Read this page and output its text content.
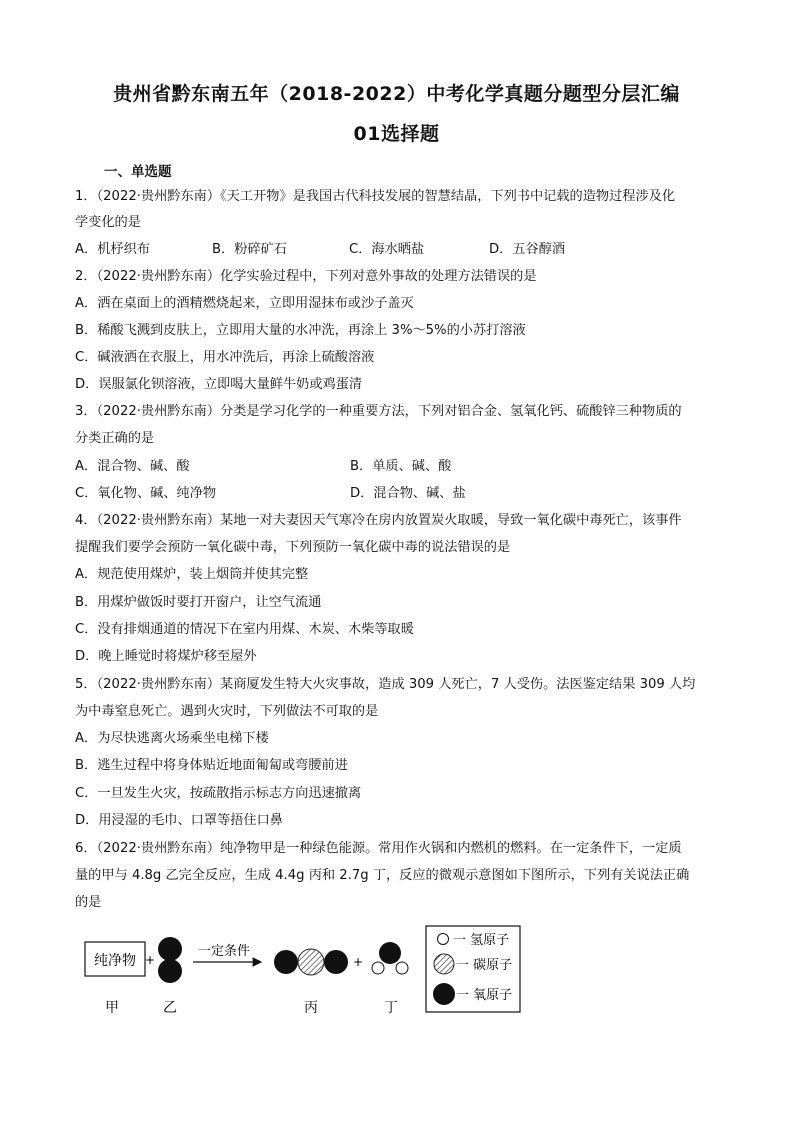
贵州省黔东南五年（2018-2022）中考化学真题分题型分层汇编
01选择题
一、单选题
1．（2022·贵州黔东南）《天工开物》是我国古代科技发展的智慧结晶，下列书中记载的造物过程涉及化
学变化的是
A．机杼织布	B．粉碎矿石	C．海水晒盐	D．五谷醇酒
2．（2022·贵州黔东南）化学实验过程中，下列对意外事故的处理方法错误的是
A．洒在桌面上的酒精燃烧起来，立即用湿抹布或沙子盖灭
B．稀酸飞溅到皮肤上，立即用大量的水冲洗，再涂上 3%～5%的小苏打溶液
C．碱液洒在衣服上，用水冲洗后，再涂上硫酸溶液
D．误服氯化钡溶液，立即喝大量鲜牛奶或鸡蛋清
3．（2022·贵州黔东南）分类是学习化学的一种重要方法，下列对铝合金、氢氧化钙、硫酸锌三种物质的
分类正确的是
A．混合物、碱、酸	B．单质、碱、酸
C．氧化物、碱、纯净物	D．混合物、碱、盐
4．（2022·贵州黔东南）某地一对夫妻因天气寒冷在房内放置炭火取暖，导致一氧化碳中毒死亡，该事件
提醒我们要学会预防一氧化碳中毒，下列预防一氧化碳中毒的说法错误的是
A．规范使用煤炉，装上烟筒并使其完整
B．用煤炉做饭时要打开窗户，让空气流通
C．没有排烟通道的情况下在室内用煤、木炭、木柴等取暖
D．晚上睡觉时将煤炉移至屋外
5．（2022·贵州黔东南）某商厦发生特大火灾事故，造成 309 人死亡，7 人受伤。法医鉴定结果 309 人均
为中毒窒息死亡。遇到火灾时，下列做法不可取的是
A．为尽快逃离火场乘坐电梯下楼
B．逃生过程中将身体贴近地面匍匐或弯腰前进
C．一旦发生火灾，按疏散指示标志方向迅速撤离
D．用浸湿的毛巾、口罩等捂住口鼻
6．（2022·贵州黔东南）纯净物甲是一种绿色能源。常用作火锅和内燃机的燃料。在一定条件下，一定质
量的甲与 4.8g 乙完全反应，生成 4.4g 丙和 2.7g 丁，反应的微观示意图如下图所示，下列有关说法正确
的是
纯净物 +
一定条件
+
甲	乙	丙	丁
一 氢原子
一 碳原子
一 氧原子
